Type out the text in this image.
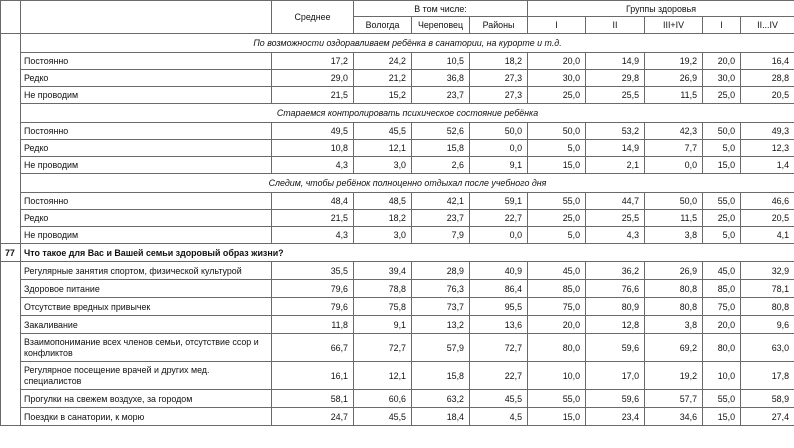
		Среднее	В том числе:			Группы здоровья				
			Вологда	Череповец	Районы	I	II	III+IV	I	II...IV
	По возможности оздоравливаем ребёнка в санатории, на курорте и т.д.									
	Постоянно	17,2	24,2	10,5	18,2	20,0	14,9	19,2	20,0	16,4
	Редко	29,0	21,2	36,8	27,3	30,0	29,8	26,9	30,0	28,8
	Не проводим	21,5	15,2	23,7	27,3	25,0	25,5	11,5	25,0	20,5
	Стараемся контролировать психическое состояние ребёнка									
	Постоянно	49,5	45,5	52,6	50,0	50,0	53,2	42,3	50,0	49,3
	Редко	10,8	12,1	15,8	0,0	5,0	14,9	7,7	5,0	12,3
	Не проводим	4,3	3,0	2,6	9,1	15,0	2,1	0,0	15,0	1,4
	Следим, чтобы ребёнок полноценно отдыхал после учебного дня									
	Постоянно	48,4	48,5	42,1	59,1	55,0	44,7	50,0	55,0	46,6
	Редко	21,5	18,2	23,7	22,7	25,0	25,5	11,5	25,0	20,5
	Не проводим	4,3	3,0	7,9	0,0	5,0	4,3	3,8	5,0	4,1
77	Что такое для Вас и Вашей семьи здоровый образ жизни?									
	Регулярные занятия спортом, физической культурой	35,5	39,4	28,9	40,9	45,0	36,2	26,9	45,0	32,9
	Здоровое питание	79,6	78,8	76,3	86,4	85,0	76,6	80,8	85,0	78,1
	Отсутствие вредных привычек	79,6	75,8	73,7	95,5	75,0	80,9	80,8	75,0	80,8
	Закаливание	11,8	9,1	13,2	13,6	20,0	12,8	3,8	20,0	9,6
	Взаимопонимание всех членов семьи, отсутствие ссор и конфликтов	66,7	72,7	57,9	72,7	80,0	59,6	69,2	80,0	63,0
	Регулярное посещение врачей и других мед. специалистов	16,1	12,1	15,8	22,7	10,0	17,0	19,2	10,0	17,8
	Прогулки на свежем воздухе, за городом	58,1	60,6	63,2	45,5	55,0	59,6	57,7	55,0	58,9
	Поездки в санатории, к морю	24,7	45,5	18,4	4,5	15,0	23,4	34,6	15,0	27,4
